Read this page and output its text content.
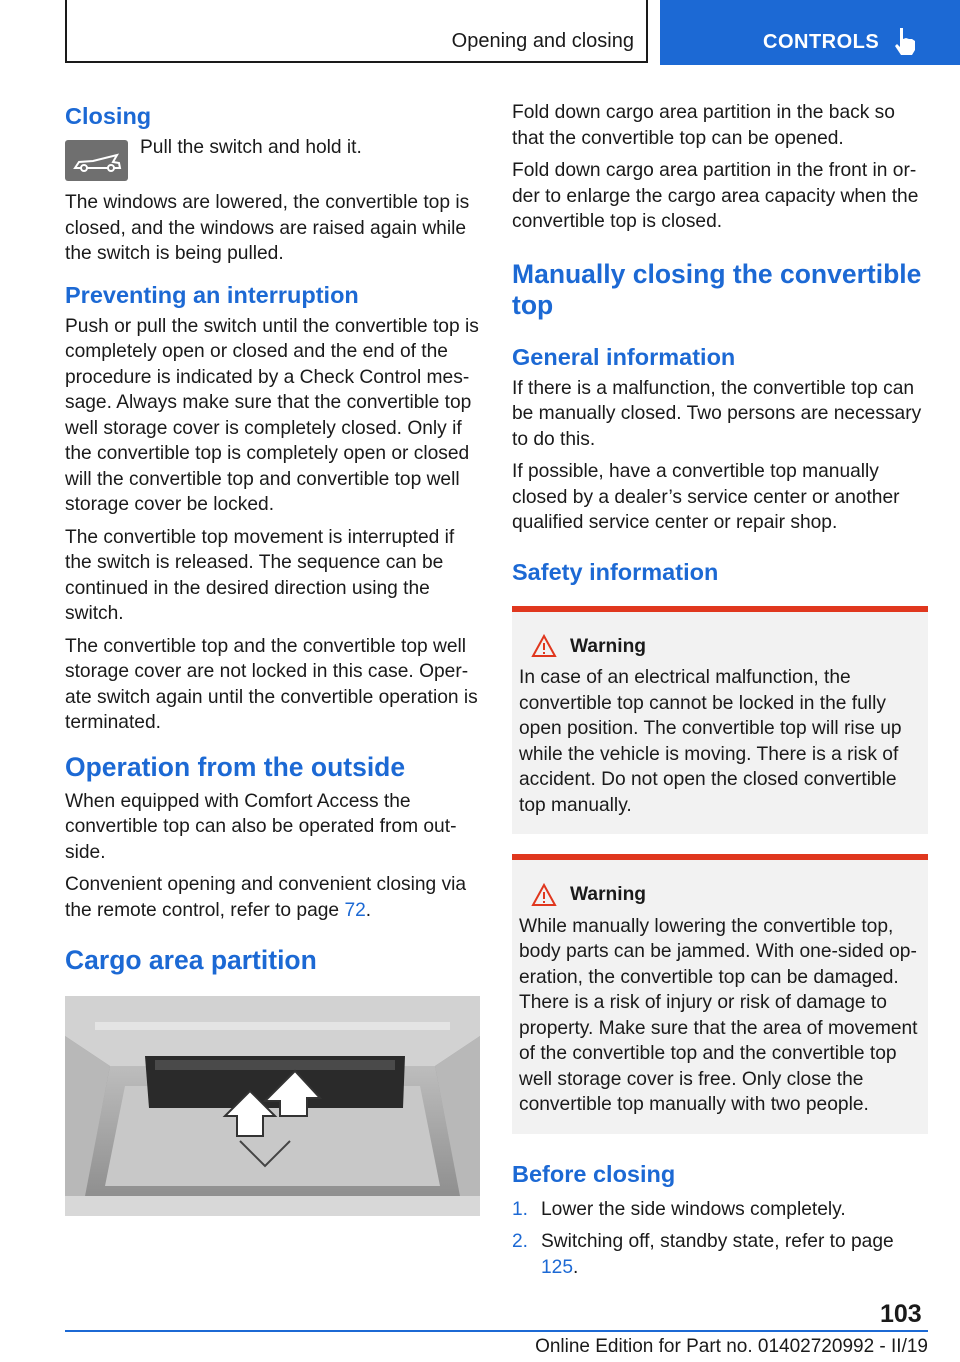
Opening and closing	CONTROLS
Closing
Pull the switch and hold it.

The windows are lowered, the convertible top is closed, and the windows are raised again while the switch is being pulled.

Preventing an interruption

Push or pull the switch until the convertible top is completely open or closed and the end of the procedure is indicated by a Check Control message. Always make sure that the convertible top well storage cover is completely closed. Only if the convertible top is completely open or closed will the convertible top and convertible top well storage cover be locked.

The convertible top movement is interrupted if the switch is released. The sequence can be continued in the desired direction using the switch.

The convertible top and the convertible top well storage cover are not locked in this case. Operate switch again until the convertible operation is terminated.

Operation from the outside

When equipped with Comfort Access the convertible top can also be operated from outside.

Convenient opening and convenient closing via the remote control, refer to page 72.

Cargo area partition

Fold down cargo area partition in the back so that the convertible top can be opened.

Fold down cargo area partition in the front in order to enlarge the cargo area capacity when the convertible top is closed.

Manually closing the convertible top
General information

If there is a malfunction, the convertible top can be manually closed. Two persons are necessary to do this.

If possible, have a convertible top manually closed by a dealer’s service center or another qualified service center or repair shop.

Safety information
Warning

In case of an electrical malfunction, the convertible top cannot be locked in the fully open position. The convertible top will rise up while the vehicle is moving. There is a risk of accident. Do not open the closed convertible top manually.

Warning

While manually lowering the convertible top, body parts can be jammed. With one-sided operation, the convertible top can be damaged. There is a risk of injury or risk of damage to property. Make sure that the area of movement of the convertible top and the convertible top well storage cover is free. Only close the convertible top manually with two people.

Before closing
1. Lower the side windows completely.
2. Switching off, standby state, refer to page 125.
103
Online Edition for Part no. 01402720992 - II/19
